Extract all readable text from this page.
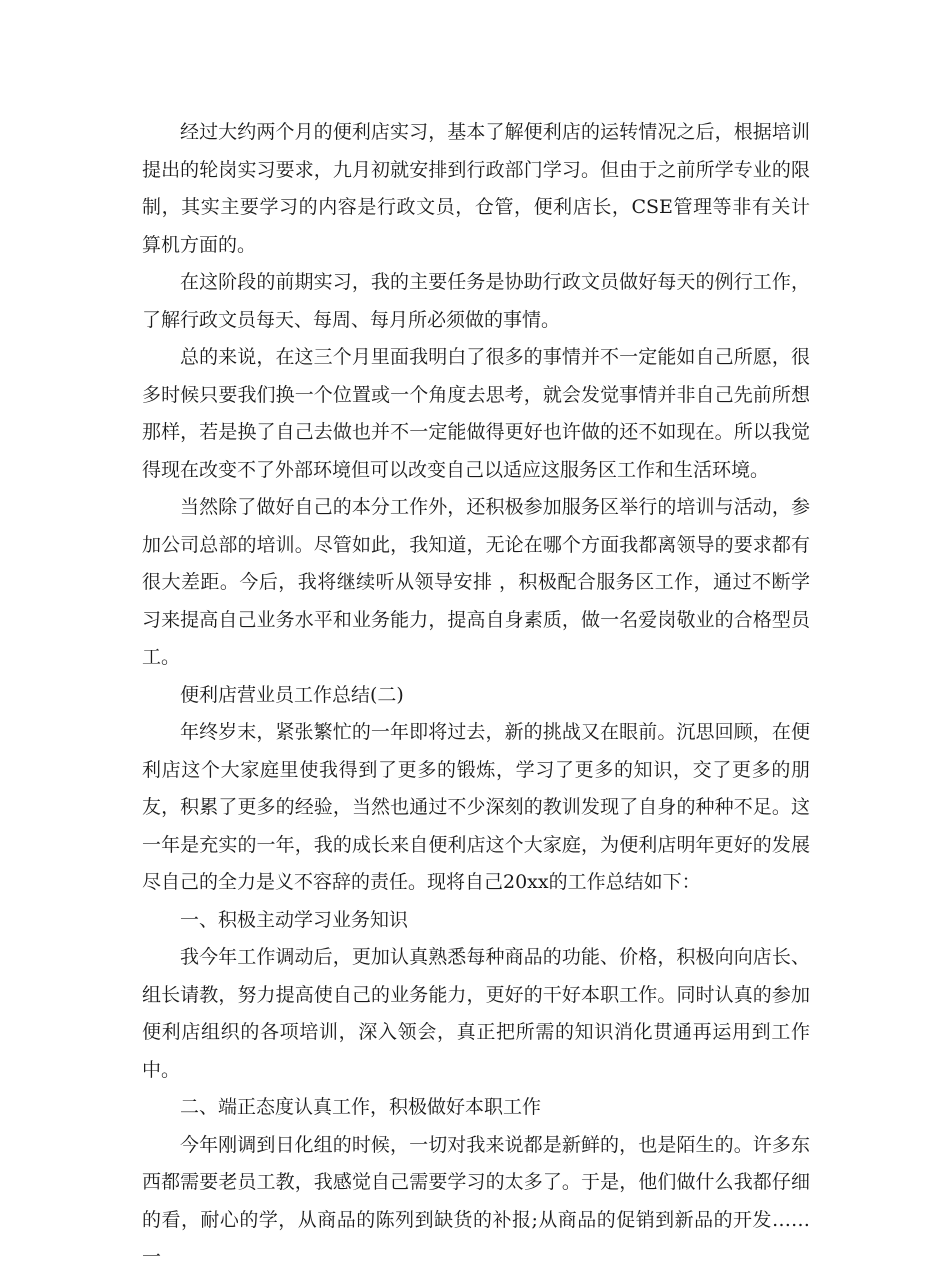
经过大约两个月的便利店实习，基本了解便利店的运转情况之后，根据培训提出的轮岗实习要求，九月初就安排到行政部门学习。但由于之前所学专业的限制，其实主要学习的内容是行政文员，仓管，便利店长，CSE管理等非有关计算机方面的。

在这阶段的前期实习，我的主要任务是协助行政文员做好每天的例行工作，了解行政文员每天、每周、每月所必须做的事情。

总的来说，在这三个月里面我明白了很多的事情并不一定能如自己所愿，很多时候只要我们换一个位置或一个角度去思考，就会发觉事情并非自己先前所想那样，若是换了自己去做也并不一定能做得更好也许做的还不如现在。所以我觉得现在改变不了外部环境但可以改变自己以适应这服务区工作和生活环境。

当然除了做好自己的本分工作外，还积极参加服务区举行的培训与活动，参加公司总部的培训。尽管如此，我知道，无论在哪个方面我都离领导的要求都有很大差距。今后，我将继续听从领导安排 ，积极配合服务区工作，通过不断学习来提高自己业务水平和业务能力，提高自身素质，做一名爱岗敬业的合格型员工。

便利店营业员工作总结(二)

年终岁末，紧张繁忙的一年即将过去，新的挑战又在眼前。沉思回顾，在便利店这个大家庭里使我得到了更多的锻炼，学习了更多的知识，交了更多的朋友，积累了更多的经验，当然也通过不少深刻的教训发现了自身的种种不足。这一年是充实的一年，我的成长来自便利店这个大家庭，为便利店明年更好的发展尽自己的全力是义不容辞的责任。现将自己20xx的工作总结如下：

一、积极主动学习业务知识

我今年工作调动后，更加认真熟悉每种商品的功能、价格，积极向向店长、组长请教，努力提高使自己的业务能力，更好的干好本职工作。同时认真的参加便利店组织的各项培训，深入领会，真正把所需的知识消化贯通再运用到工作中。

二、端正态度认真工作，积极做好本职工作

今年刚调到日化组的时候，一切对我来说都是新鲜的，也是陌生的。许多东西都需要老员工教，我感觉自己需要学习的太多了。于是，他们做什么我都仔细的看，耐心的学，从商品的陈列到缺货的补报;从商品的促销到新品的开发……一
